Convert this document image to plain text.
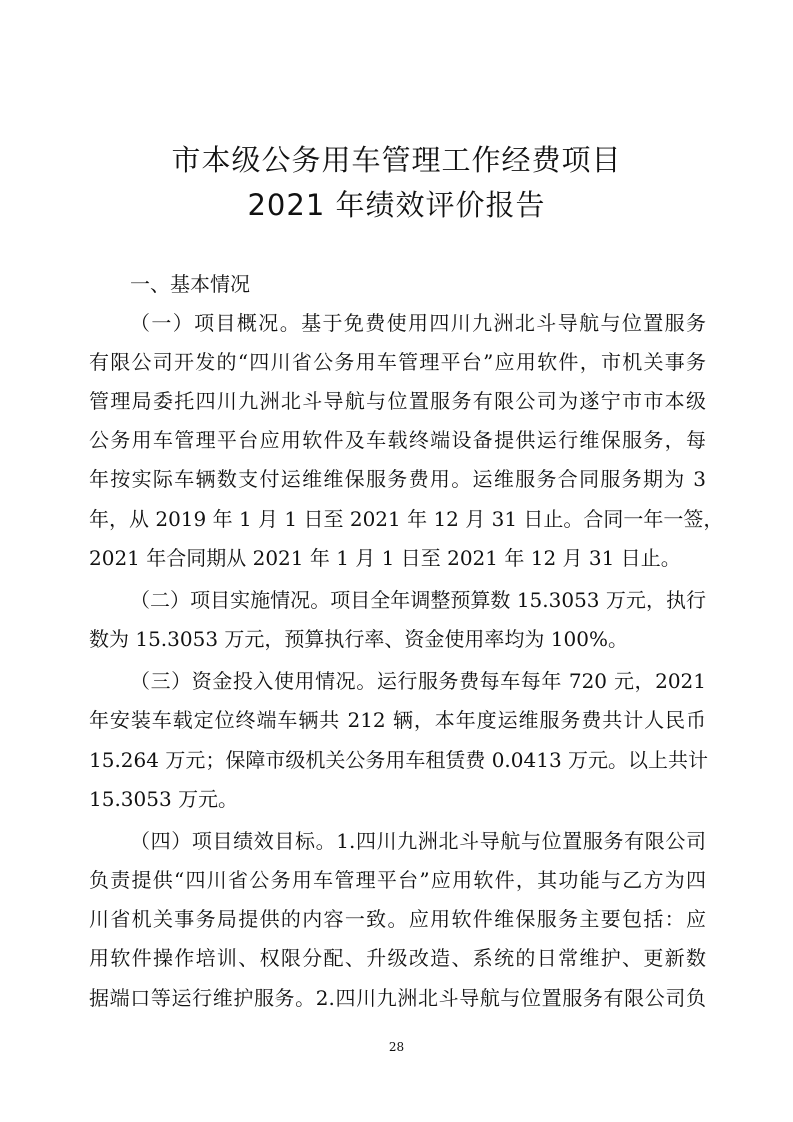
市本级公务用车管理工作经费项目
2021 年绩效评价报告
一、基本情况
（一）项目概况。基于免费使用四川九洲北斗导航与位置服务
有限公司开发的“四川省公务用车管理平台”应用软件，市机关事务
管理局委托四川九洲北斗导航与位置服务有限公司为遂宁市市本级
公务用车管理平台应用软件及车载终端设备提供运行维保服务，每
年按实际车辆数支付运维维保服务费用。运维服务合同服务期为 3
年，从 2019 年 1 月 1 日至 2021 年 12 月 31 日止。合同一年一签，
2021 年合同期从 2021 年 1 月 1 日至 2021 年 12 月 31 日止。
（二）项目实施情况。项目全年调整预算数 15.3053 万元，执行
数为 15.3053 万元，预算执行率、资金使用率均为 100%。
（三）资金投入使用情况。运行服务费每车每年 720 元，2021
年安装车载定位终端车辆共 212 辆，本年度运维服务费共计人民币
15.264 万元；保障市级机关公务用车租赁费 0.0413 万元。以上共计
15.3053 万元。
（四）项目绩效目标。1.四川九洲北斗导航与位置服务有限公司
负责提供“四川省公务用车管理平台”应用软件，其功能与乙方为四
川省机关事务局提供的内容一致。应用软件维保服务主要包括：应
用软件操作培训、权限分配、升级改造、系统的日常维护、更新数
据端口等运行维护服务。2.四川九洲北斗导航与位置服务有限公司负
28
